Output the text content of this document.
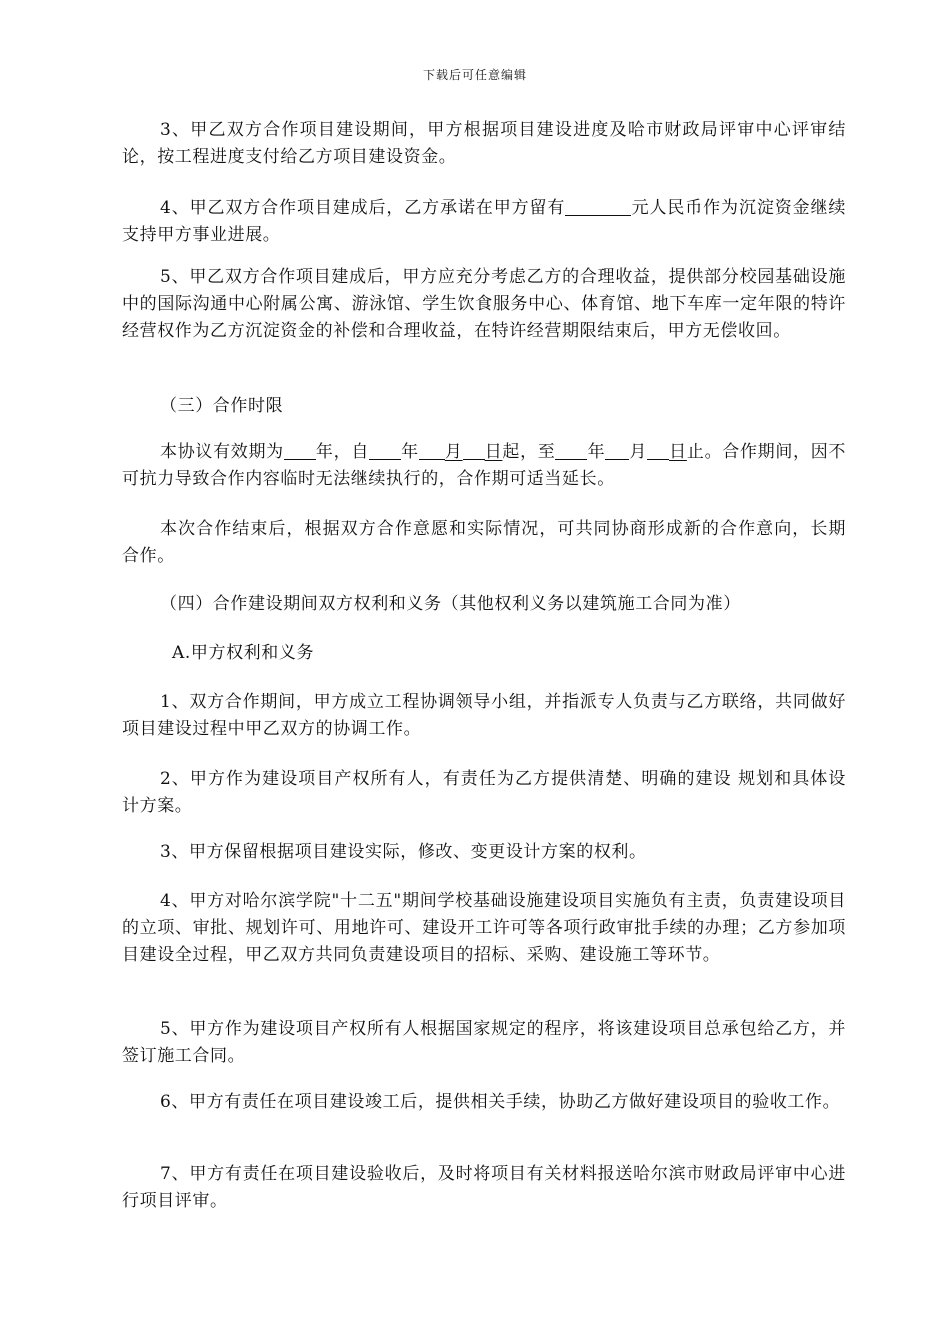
下载后可任意编辑
3、甲乙双方合作项目建设期间，甲方根据项目建设进度及哈市财政局评审中心评审结论，按工程进度支付给乙方项目建设资金。
4、甲乙双方合作项目建成后，乙方承诺在甲方留有	元人民币作为沉淀资金继续支持甲方事业进展。
5、甲乙双方合作项目建成后，甲方应充分考虑乙方的合理收益，提供部分校园基础设施中的国际沟通中心附属公寓、游泳馆、学生饮食服务中心、体育馆、地下车库一定年限的特许经营权作为乙方沉淀资金的补偿和合理收益，在特许经营期限结束后，甲方无偿收回。
（三）合作时限
本协议有效期为 年，自 年 月 日起，至 年 月 日止。合作期间，因不可抗力导致合作内容临时无法继续执行的，合作期可适当延长。
本次合作结束后，根据双方合作意愿和实际情况，可共同协商形成新的合作意向，长期合作。
（四）合作建设期间双方权利和义务（其他权利义务以建筑施工合同为准）
A.甲方权利和义务
1、双方合作期间，甲方成立工程协调领导小组，并指派专人负责与乙方联络，共同做好项目建设过程中甲乙双方的协调工作。
2、甲方作为建设项目产权所有人，有责任为乙方提供清楚、明确的建设 规划和具体设计方案。
3、甲方保留根据项目建设实际，修改、变更设计方案的权利。
4、甲方对哈尔滨学院"十二五"期间学校基础设施建设项目实施负有主责，负责建设项目的立项、审批、规划许可、用地许可、建设开工许可等各项行政审批手续的办理；乙方参加项目建设全过程，甲乙双方共同负责建设项目的招标、采购、建设施工等环节。
5、甲方作为建设项目产权所有人根据国家规定的程序，将该建设项目总承包给乙方，并签订施工合同。
6、甲方有责任在项目建设竣工后，提供相关手续，协助乙方做好建设项目的验收工作。
7、甲方有责任在项目建设验收后，及时将项目有关材料报送哈尔滨市财政局评审中心进行项目评审。
